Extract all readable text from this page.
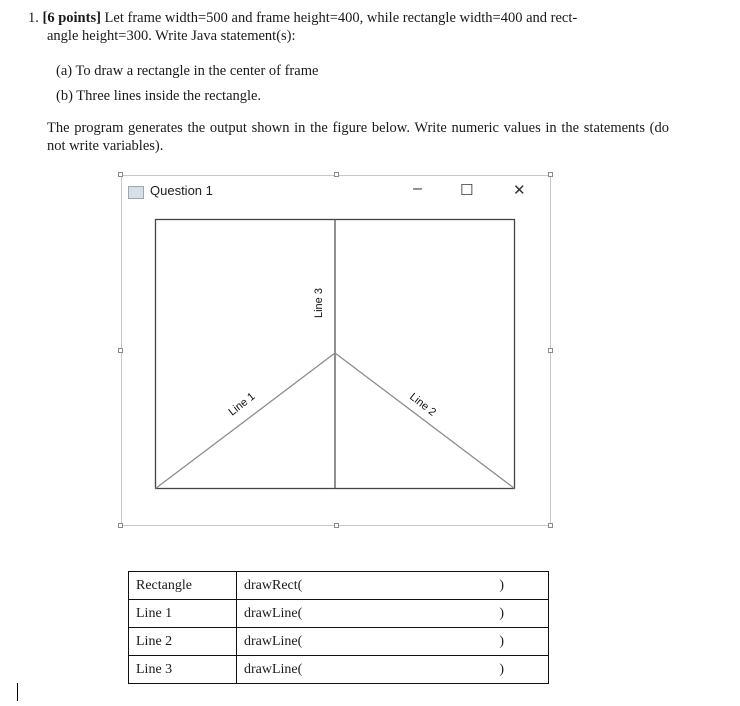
1. [6 points] Let frame width=500 and frame height=400, while rectangle width=400 and rect-
angle height=300. Write Java statement(s):
(a) To draw a rectangle in the center of frame
(b) Three lines inside the rectangle.
The program generates the output shown in the figure below. Write numeric values in the statements (do not write variables).
Question 1	–	☐	✕
Line 3
Line 1	Line 2
Rectangle	drawRect( )

Line 1	drawLine( )

Line 2	drawLine( )

Line 3	drawLine( )
